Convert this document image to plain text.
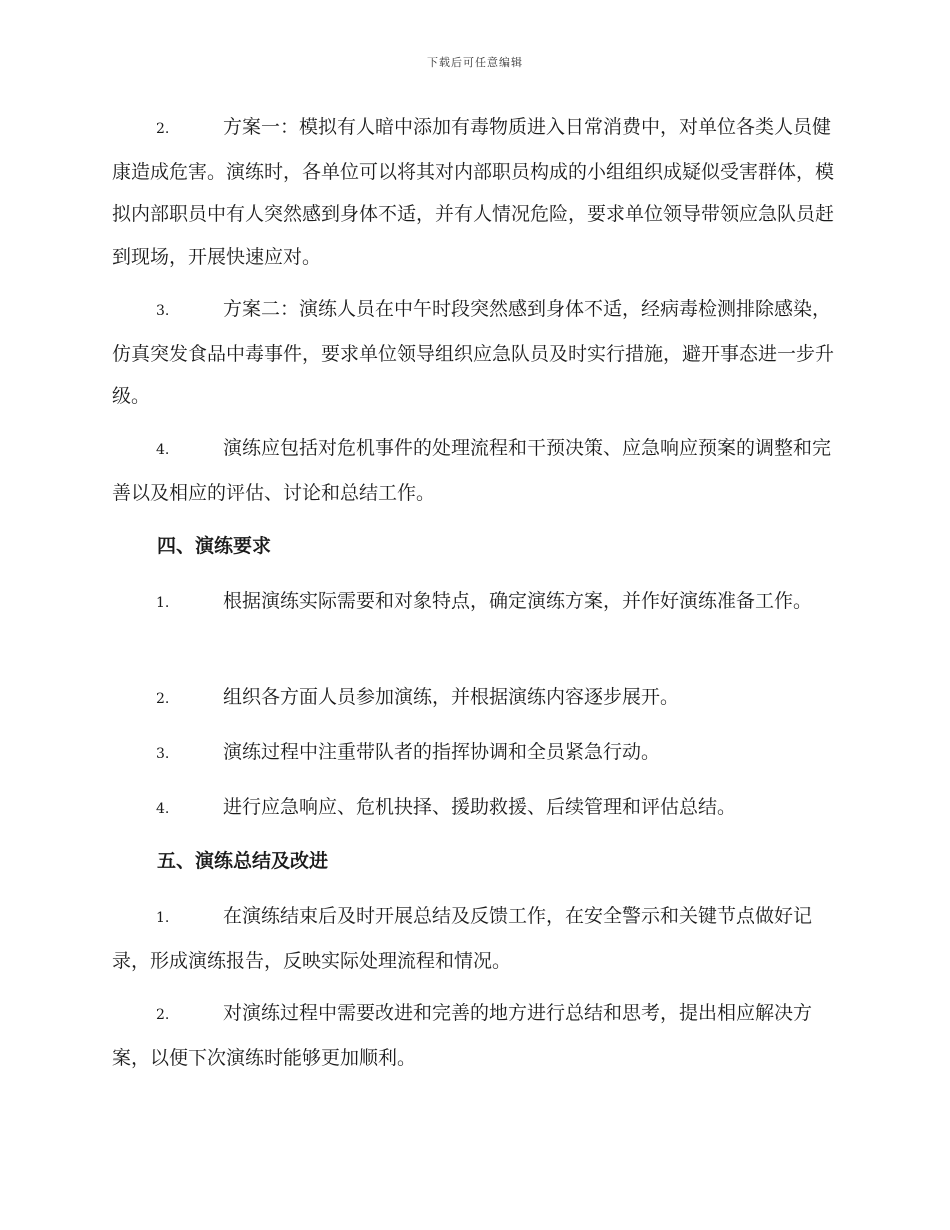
下载后可任意编辑
2.	方案一：模拟有人暗中添加有毒物质进入日常消费中，对单位各类人员健康造成危害。演练时，各单位可以将其对内部职员构成的小组组织成疑似受害群体，模拟内部职员中有人突然感到身体不适，并有人情况危险，要求单位领导带领应急队员赶到现场，开展快速应对。
3.	方案二：演练人员在中午时段突然感到身体不适，经病毒检测排除感染，仿真突发食品中毒事件，要求单位领导组织应急队员及时实行措施，避开事态进一步升级。
4.	演练应包括对危机事件的处理流程和干预决策、应急响应预案的调整和完善以及相应的评估、讨论和总结工作。
四、演练要求
1.	根据演练实际需要和对象特点，确定演练方案，并作好演练准备工作。
2.	组织各方面人员参加演练，并根据演练内容逐步展开。
3.	演练过程中注重带队者的指挥协调和全员紧急行动。
4.	进行应急响应、危机抉择、援助救援、后续管理和评估总结。
五、演练总结及改进
1.	在演练结束后及时开展总结及反馈工作，在安全警示和关键节点做好记录，形成演练报告，反映实际处理流程和情况。
2.	对演练过程中需要改进和完善的地方进行总结和思考，提出相应解决方案，以便下次演练时能够更加顺利。
